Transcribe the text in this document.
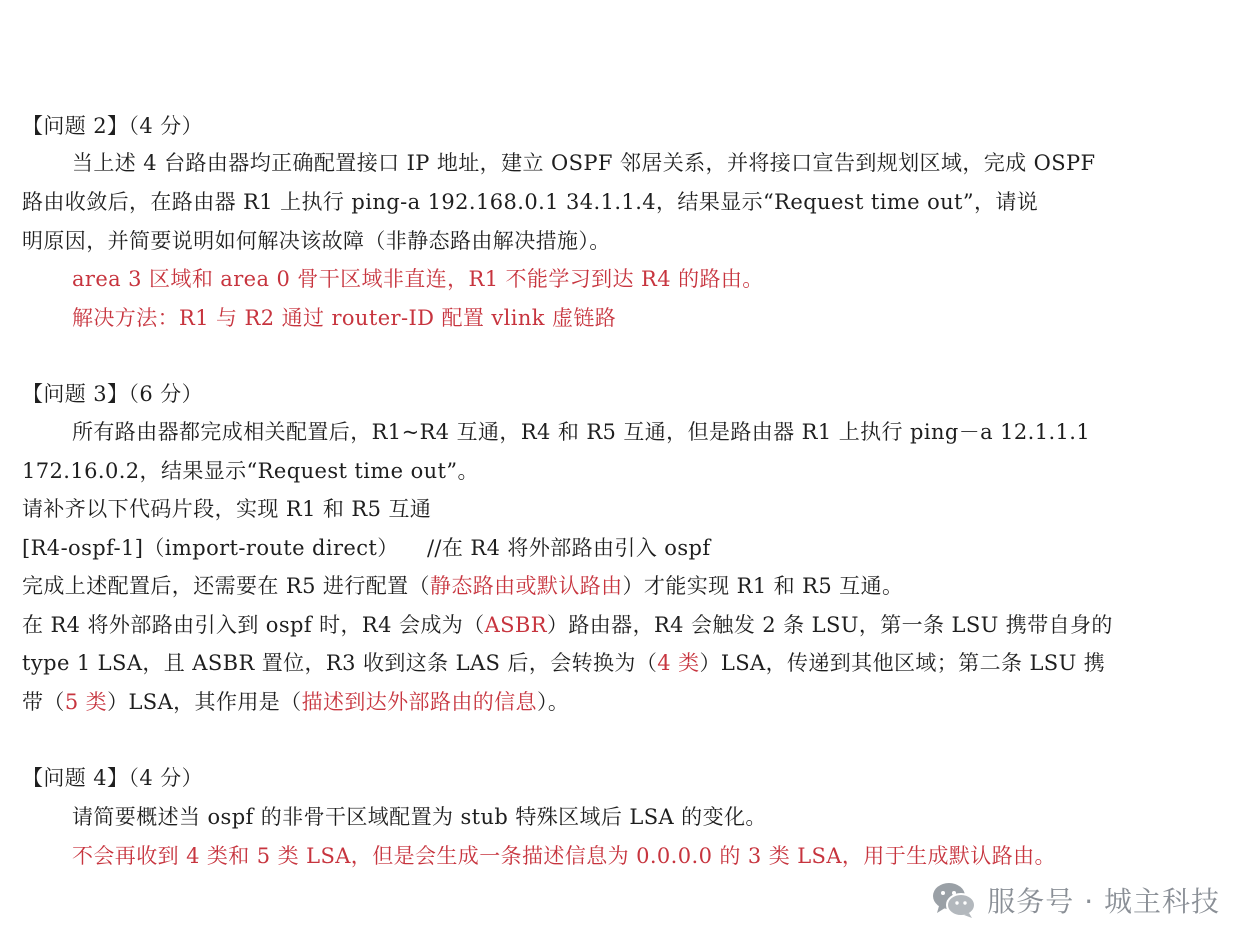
【问题 2】（4 分）
当上述 4 台路由器均正确配置接口 IP 地址，建立 OSPF 邻居关系，并将接口宣告到规划区域，完成 OSPF
路由收敛后，在路由器 R1 上执行 ping-a 192.168.0.1 34.1.1.4，结果显示“Request time out”，请说
明原因，并简要说明如何解决该故障（非静态路由解决措施）。
area 3 区域和 area 0 骨干区域非直连，R1 不能学习到达 R4 的路由。
解决方法：R1 与 R2 通过 router-ID 配置 vlink 虚链路
【问题 3】（6 分）
所有路由器都完成相关配置后，R1~R4 互通，R4 和 R5 互通，但是路由器 R1 上执行 ping－a 12.1.1.1
172.16.0.2，结果显示“Request time out”。
请补齐以下代码片段，实现 R1 和 R5 互通
[R4-ospf-1]（import-route direct）    //在 R4 将外部路由引入 ospf
完成上述配置后，还需要在 R5 进行配置（静态路由或默认路由）才能实现 R1 和 R5 互通。
在 R4 将外部路由引入到 ospf 时，R4 会成为（ASBR）路由器，R4 会触发 2 条 LSU，第一条 LSU 携带自身的
type 1 LSA，且 ASBR 置位，R3 收到这条 LAS 后，会转换为（4 类）LSA，传递到其他区域；第二条 LSU 携
带（5 类）LSA，其作用是（描述到达外部路由的信息）。
【问题 4】（4 分）
请简要概述当 ospf 的非骨干区域配置为 stub 特殊区域后 LSA 的变化。
不会再收到 4 类和 5 类 LSA，但是会生成一条描述信息为 0.0.0.0 的 3 类 LSA，用于生成默认路由。
服务号 · 城主科技
